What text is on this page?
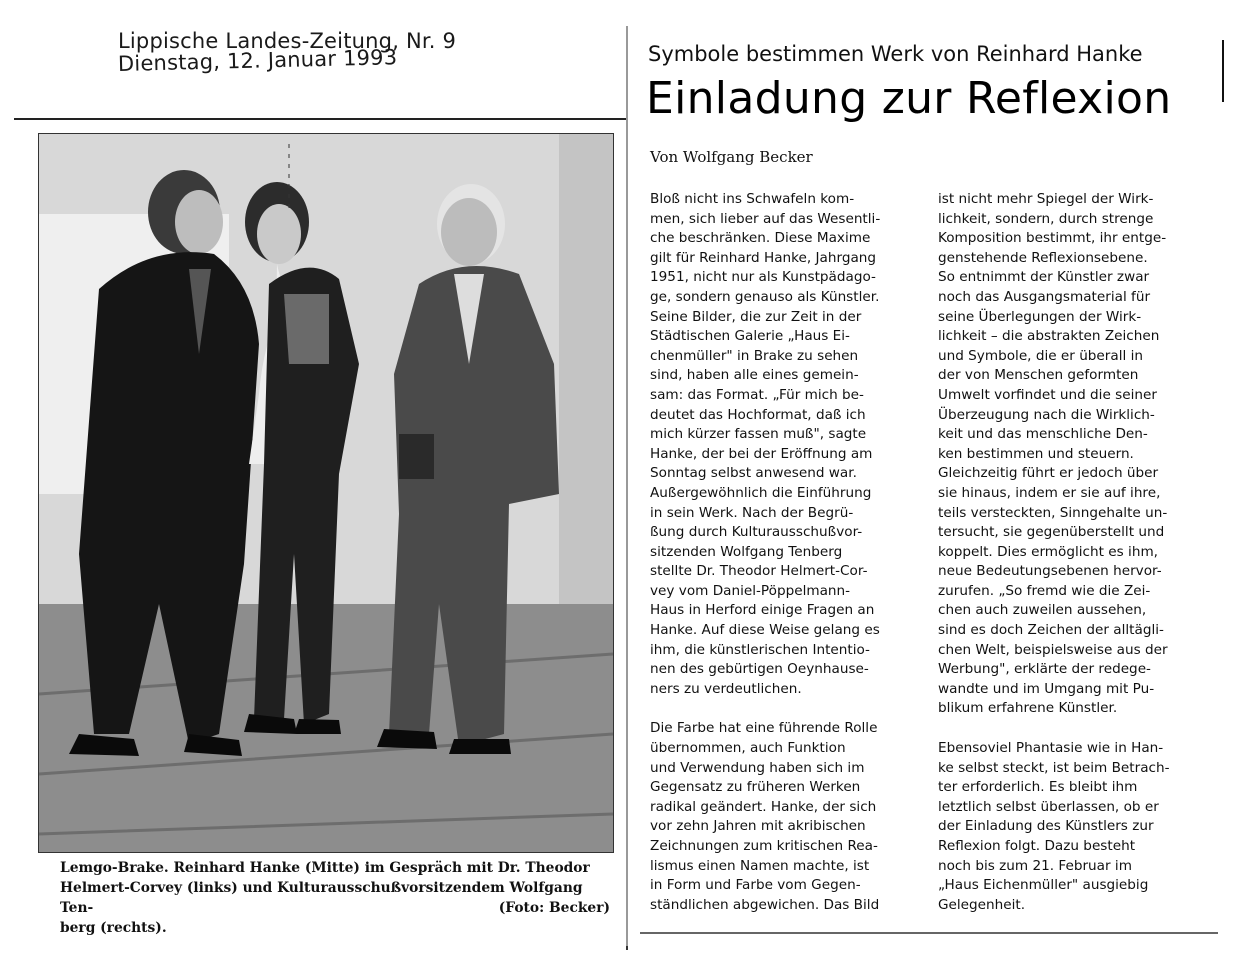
Lippische Landes-Zeitung, Nr. 9
Dienstag, 12. Januar 1993
Lemgo-Brake. Reinhard Hanke (Mitte) im Gespräch mit Dr. Theodor
Helmert-Corvey (links) und Kulturausschußvorsitzendem Wolfgang Ten-
berg (rechts).
(Foto: Becker)
Symbole bestimmen Werk von Reinhard Hanke
Einladung zur Reflexion
Von Wolfgang Becker
Bloß nicht ins Schwafeln kom-
men, sich lieber auf das Wesentli-
che beschränken. Diese Maxime
gilt für Reinhard Hanke, Jahrgang
1951, nicht nur als Kunstpädago-
ge, sondern genauso als Künstler.
Seine Bilder, die zur Zeit in der
Städtischen Galerie „Haus Ei-
chenmüller" in Brake zu sehen
sind, haben alle eines gemein-
sam: das Format. „Für mich be-
deutet das Hochformat, daß ich
mich kürzer fassen muß", sagte
Hanke, der bei der Eröffnung am
Sonntag selbst anwesend war.
Außergewöhnlich die Einführung
in sein Werk. Nach der Begrü-
ßung durch Kulturausschußvor-
sitzenden Wolfgang Tenberg
stellte Dr. Theodor Helmert-Cor-
vey vom Daniel-Pöppelmann-
Haus in Herford einige Fragen an
Hanke. Auf diese Weise gelang es
ihm, die künstlerischen Intentio-
nen des gebürtigen Oeynhause-
ners zu verdeutlichen.
Die Farbe hat eine führende Rolle
übernommen, auch Funktion
und Verwendung haben sich im
Gegensatz zu früheren Werken
radikal geändert. Hanke, der sich
vor zehn Jahren mit akribischen
Zeichnungen zum kritischen Rea-
lismus einen Namen machte, ist
in Form und Farbe vom Gegen-
ständlichen abgewichen. Das Bild
ist nicht mehr Spiegel der Wirk-
lichkeit, sondern, durch strenge
Komposition bestimmt, ihr entge-
genstehende Reflexionsebene.
So entnimmt der Künstler zwar
noch das Ausgangsmaterial für
seine Überlegungen der Wirk-
lichkeit – die abstrakten Zeichen
und Symbole, die er überall in
der von Menschen geformten
Umwelt vorfindet und die seiner
Überzeugung nach die Wirklich-
keit und das menschliche Den-
ken bestimmen und steuern.
Gleichzeitig führt er jedoch über
sie hinaus, indem er sie auf ihre,
teils versteckten, Sinngehalte un-
tersucht, sie gegenüberstellt und
koppelt. Dies ermöglicht es ihm,
neue Bedeutungsebenen hervor-
zurufen. „So fremd wie die Zei-
chen auch zuweilen aussehen,
sind es doch Zeichen der alltägli-
chen Welt, beispielsweise aus der
Werbung", erklärte der redege-
wandte und im Umgang mit Pu-
blikum erfahrene Künstler.
Ebensoviel Phantasie wie in Han-
ke selbst steckt, ist beim Betrach-
ter erforderlich. Es bleibt ihm
letztlich selbst überlassen, ob er
der Einladung des Künstlers zur
Reflexion folgt. Dazu besteht
noch bis zum 21. Februar im
„Haus Eichenmüller" ausgiebig
Gelegenheit.
